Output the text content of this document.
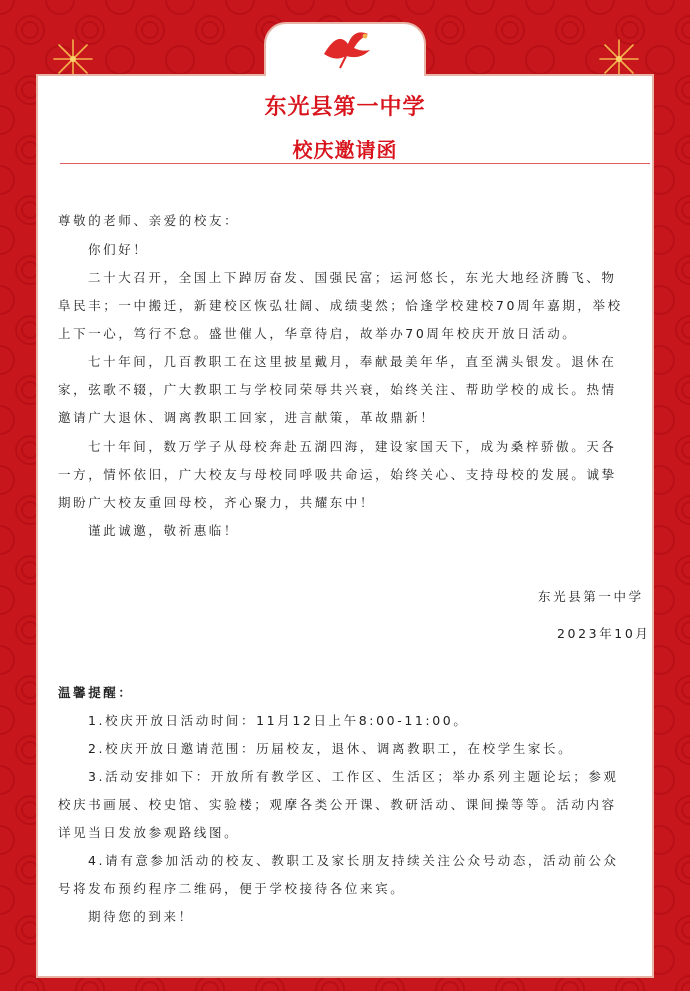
东光县第一中学
校庆邀请函

尊敬的老师、亲爱的校友：

你们好！

二十大召开，全国上下踔厉奋发、国强民富；运河悠长，东光大地经济腾飞、物

阜民丰；一中搬迁，新建校区恢弘壮阔、成绩斐然；恰逢学校建校70周年嘉期，举校

上下一心，笃行不怠。盛世催人，华章待启，故举办70周年校庆开放日活动。

七十年间，几百教职工在这里披星戴月，奉献最美年华，直至满头银发。退休在

家，弦歌不辍，广大教职工与学校同荣辱共兴衰，始终关注、帮助学校的成长。热情

邀请广大退休、调离教职工回家，进言献策，革故鼎新！

七十年间，数万学子从母校奔赴五湖四海，建设家国天下，成为桑梓骄傲。天各

一方，情怀依旧，广大校友与母校同呼吸共命运，始终关心、支持母校的发展。诚挚

期盼广大校友重回母校，齐心聚力，共耀东中！

谨此诚邀，敬祈惠临！

东光县第一中学

2023年10月

温馨提醒：

1.校庆开放日活动时间：11月12日上午8:00-11:00。

2.校庆开放日邀请范围：历届校友，退休、调离教职工，在校学生家长。

3.活动安排如下：开放所有教学区、工作区、生活区；举办系列主题论坛；参观

校庆书画展、校史馆、实验楼；观摩各类公开课、教研活动、课间操等等。活动内容

详见当日发放参观路线图。

4.请有意参加活动的校友、教职工及家长朋友持续关注公众号动态，活动前公众

号将发布预约程序二维码，便于学校接待各位来宾。

期待您的到来！
